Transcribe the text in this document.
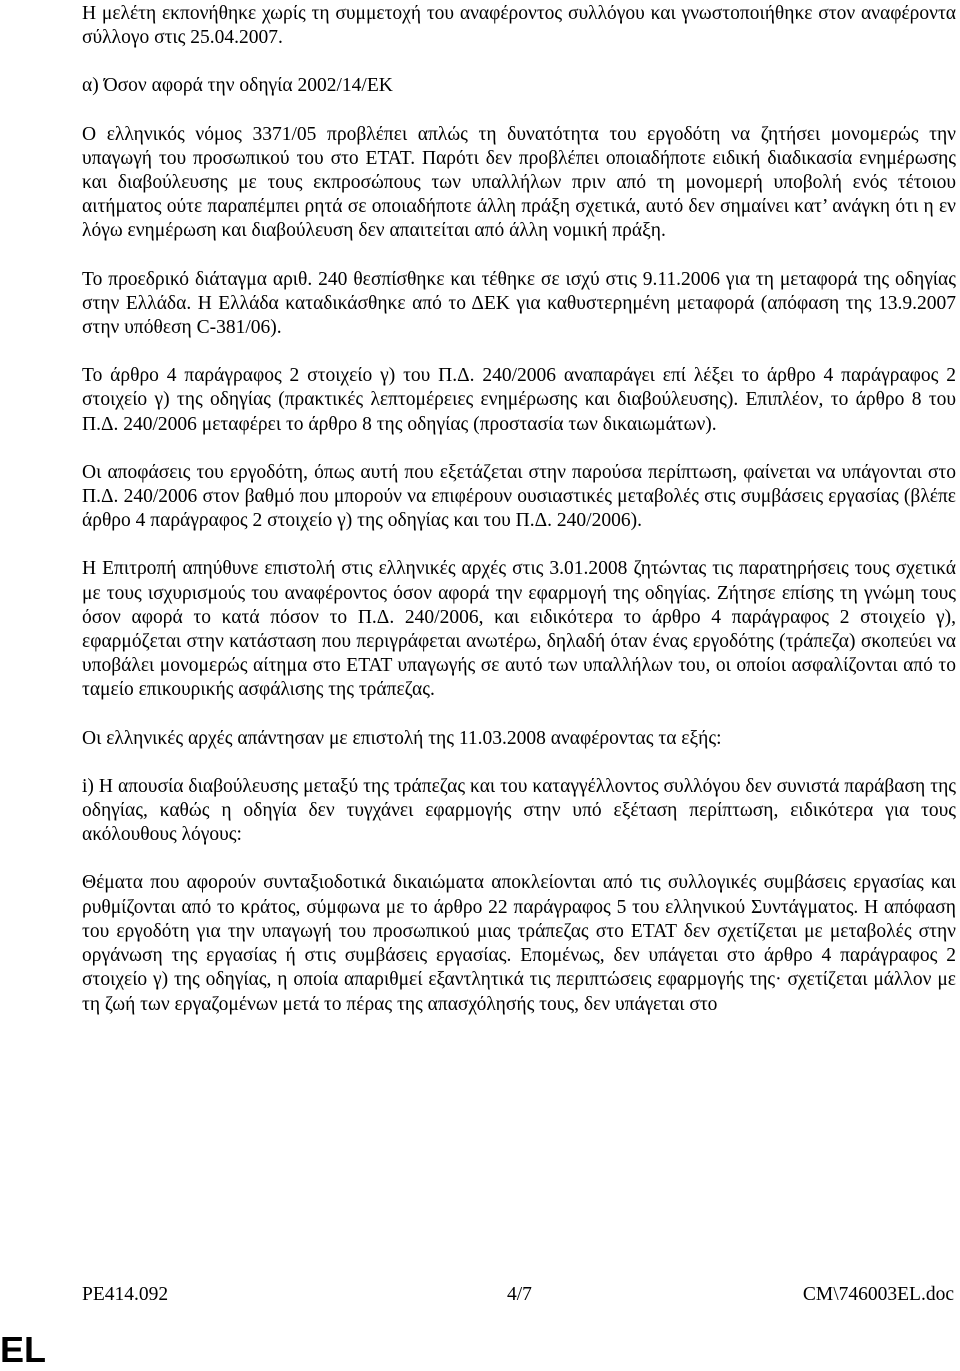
Η μελέτη εκπονήθηκε χωρίς τη συμμετοχή του αναφέροντος συλλόγου και γνωστοποιήθηκε στον αναφέροντα σύλλογο στις 25.04.2007.

α) Όσον αφορά την οδηγία 2002/14/ΕΚ

Ο ελληνικός νόμος 3371/05 προβλέπει απλώς τη δυνατότητα του εργοδότη να ζητήσει μονομερώς την υπαγωγή του προσωπικού του στο ΕΤΑΤ. Παρότι δεν προβλέπει οποιαδήποτε ειδική διαδικασία ενημέρωσης και διαβούλευσης με τους εκπροσώπους των υπαλλήλων πριν από τη μονομερή υποβολή ενός τέτοιου αιτήματος ούτε παραπέμπει ρητά σε οποιαδήποτε άλλη πράξη σχετικά, αυτό δεν σημαίνει κατ’ ανάγκη ότι η εν λόγω ενημέρωση και διαβούλευση δεν απαιτείται από άλλη νομική πράξη.

Το προεδρικό διάταγμα αριθ. 240 θεσπίσθηκε και τέθηκε σε ισχύ στις 9.11.2006 για τη μεταφορά της οδηγίας στην Ελλάδα. Η Ελλάδα καταδικάσθηκε από το ΔΕΚ για καθυστερημένη μεταφορά (απόφαση της 13.9.2007 στην υπόθεση C-381/06).

Το άρθρο 4 παράγραφος 2 στοιχείο γ) του Π.Δ. 240/2006 αναπαράγει επί λέξει το άρθρο 4 παράγραφος 2 στοιχείο γ) της οδηγίας (πρακτικές λεπτομέρειες ενημέρωσης και διαβούλευσης). Επιπλέον, το άρθρο 8 του Π.Δ. 240/2006 μεταφέρει το άρθρο 8 της οδηγίας (προστασία των δικαιωμάτων).

Οι αποφάσεις του εργοδότη, όπως αυτή που εξετάζεται στην παρούσα περίπτωση, φαίνεται να υπάγονται στο Π.Δ. 240/2006 στον βαθμό που μπορούν να επιφέρουν ουσιαστικές μεταβολές στις συμβάσεις εργασίας (βλέπε άρθρο 4 παράγραφος 2 στοιχείο γ) της οδηγίας και του Π.Δ. 240/2006).

Η Επιτροπή απηύθυνε επιστολή στις ελληνικές αρχές στις 3.01.2008 ζητώντας τις παρατηρήσεις τους σχετικά με τους ισχυρισμούς του αναφέροντος όσον αφορά την εφαρμογή της οδηγίας. Ζήτησε επίσης τη γνώμη τους όσον αφορά το κατά πόσον το Π.Δ. 240/2006, και ειδικότερα το άρθρο 4 παράγραφος 2 στοιχείο γ), εφαρμόζεται στην κατάσταση που περιγράφεται ανωτέρω, δηλαδή όταν ένας εργοδότης (τράπεζα) σκοπεύει να υποβάλει μονομερώς αίτημα στο ΕΤΑΤ υπαγωγής σε αυτό των υπαλλήλων του, οι οποίοι ασφαλίζονται από το ταμείο επικουρικής ασφάλισης της τράπεζας.

Οι ελληνικές αρχές απάντησαν με επιστολή της 11.03.2008 αναφέροντας τα εξής:

i) Η απουσία διαβούλευσης μεταξύ της τράπεζας και του καταγγέλλοντος συλλόγου δεν συνιστά παράβαση της οδηγίας, καθώς η οδηγία δεν τυγχάνει εφαρμογής στην υπό εξέταση περίπτωση, ειδικότερα για τους ακόλουθους λόγους:

Θέματα που αφορούν συνταξιοδοτικά δικαιώματα αποκλείονται από τις συλλογικές συμβάσεις εργασίας και ρυθμίζονται από το κράτος, σύμφωνα με το άρθρο 22 παράγραφος 5 του ελληνικού Συντάγματος. Η απόφαση του εργοδότη για την υπαγωγή του προσωπικού μιας τράπεζας στο ΕΤΑΤ δεν σχετίζεται με μεταβολές στην οργάνωση της εργασίας ή στις συμβάσεις εργασίας. Επομένως, δεν υπάγεται στο άρθρο 4 παράγραφος 2 στοιχείο γ) της οδηγίας, η οποία απαριθμεί εξαντλητικά τις περιπτώσεις εφαρμογής της· σχετίζεται μάλλον με τη ζωή των εργαζομένων μετά το πέρας της απασχόλησής τους, δεν υπάγεται στο

PE414.092	4/7	CM\746003EL.doc
EL
